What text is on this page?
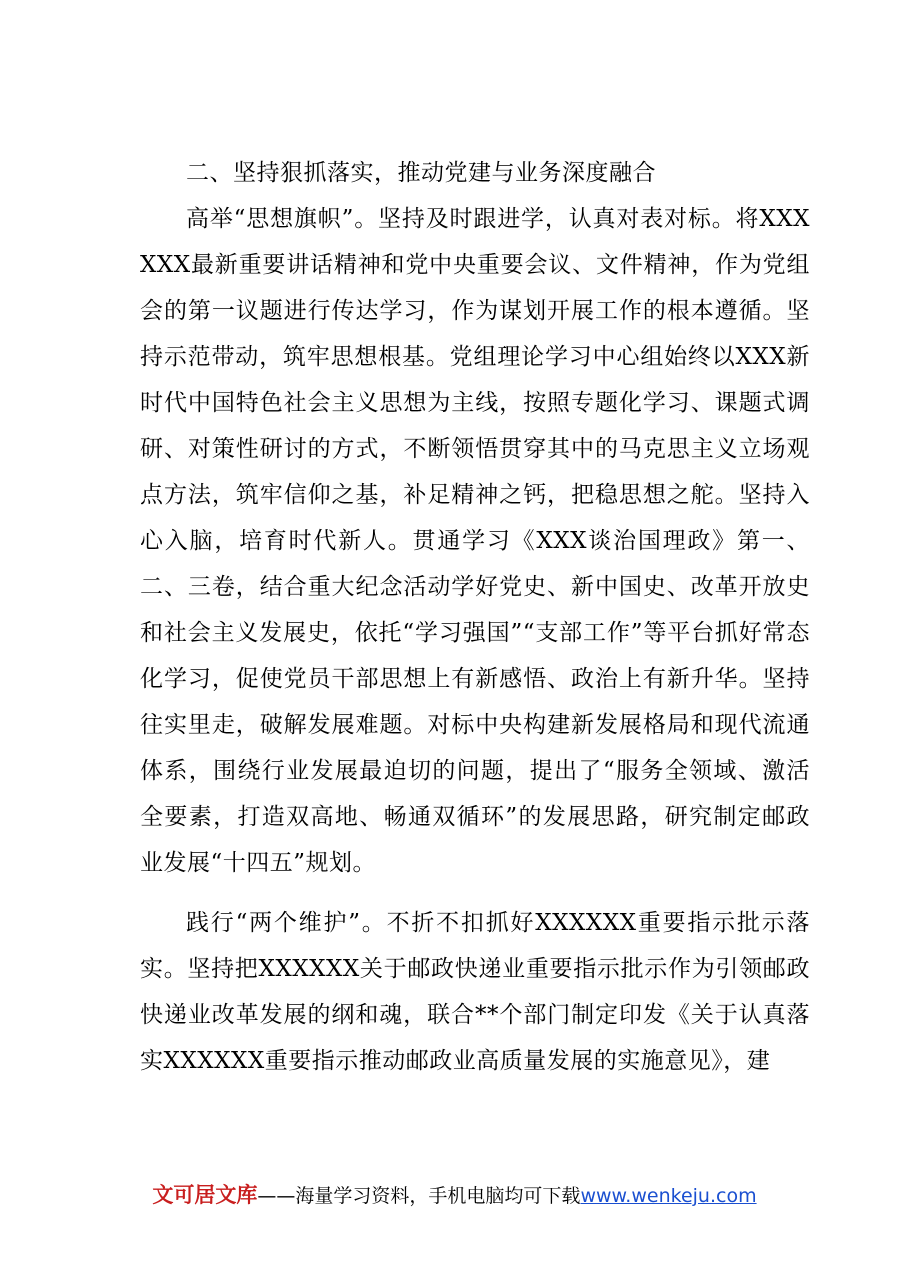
二、坚持狠抓落实，推动党建与业务深度融合

高举“思想旗帜”。坚持及时跟进学，认真对表对标。将XXXXXX最新重要讲话精神和党中央重要会议、文件精神，作为党组会的第一议题进行传达学习，作为谋划开展工作的根本遵循。坚持示范带动，筑牢思想根基。党组理论学习中心组始终以XXX新时代中国特色社会主义思想为主线，按照专题化学习、课题式调研、对策性研讨的方式，不断领悟贯穿其中的马克思主义立场观点方法，筑牢信仰之基，补足精神之钙，把稳思想之舵。坚持入心入脑，培育时代新人。贯通学习《XXX谈治国理政》第一、二、三卷，结合重大纪念活动学好党史、新中国史、改革开放史和社会主义发展史，依托“学习强国”“支部工作”等平台抓好常态化学习，促使党员干部思想上有新感悟、政治上有新升华。坚持往实里走，破解发展难题。对标中央构建新发展格局和现代流通体系，围绕行业发展最迫切的问题，提出了“服务全领域、激活全要素，打造双高地、畅通双循环”的发展思路，研究制定邮政业发展“十四五”规划。

践行“两个维护”。不折不扣抓好XXXXXX重要指示批示落实。坚持把XXXXXX关于邮政快递业重要指示批示作为引领邮政快递业改革发展的纲和魂，联合**个部门制定印发《关于认真落实XXXXXX重要指示推动邮政业高质量发展的实施意见》，建

文可居文库——海量学习资料，手机电脑均可下载www.wenkeju.com
